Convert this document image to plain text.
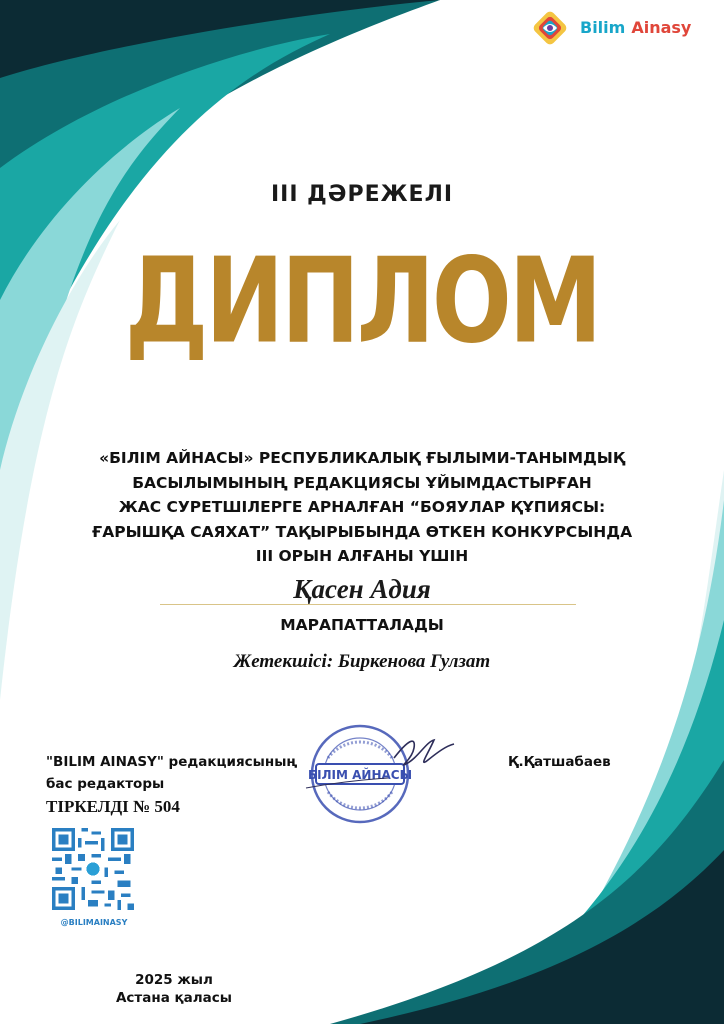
Bilim Ainasy
III ДӘРЕЖЕЛІ
ДИПЛОМ
«БІЛІМ АЙНАСЫ» РЕСПУБЛИКАЛЫҚ ҒЫЛЫМИ-ТАНЫМДЫҚ
БАСЫЛЫМЫНЫҢ РЕДАКЦИЯСЫ ҰЙЫМДАСТЫРҒАН
ЖАС СУРЕТШІЛЕРГЕ АРНАЛҒАН “БОЯУЛАР ҚҰПИЯСЫ:
ҒАРЫШҚА САЯХАТ” ТАҚЫРЫБЫНДА ӨТКЕН КОНКУРСЫНДА
III ОРЫН АЛҒАНЫ ҮШІН
Қасен Адия
МАРАПАТТАЛАДЫ
Жетекшісі: Биркенова Гулзат
"BILIM AINASY" редакциясының
бас редакторы
ТІРКЕЛДІ № 504
Қ.Қатшабаев
БІЛІМ АЙНАСЫ
@BILIMAINASY
2025 жыл
Астана қаласы
